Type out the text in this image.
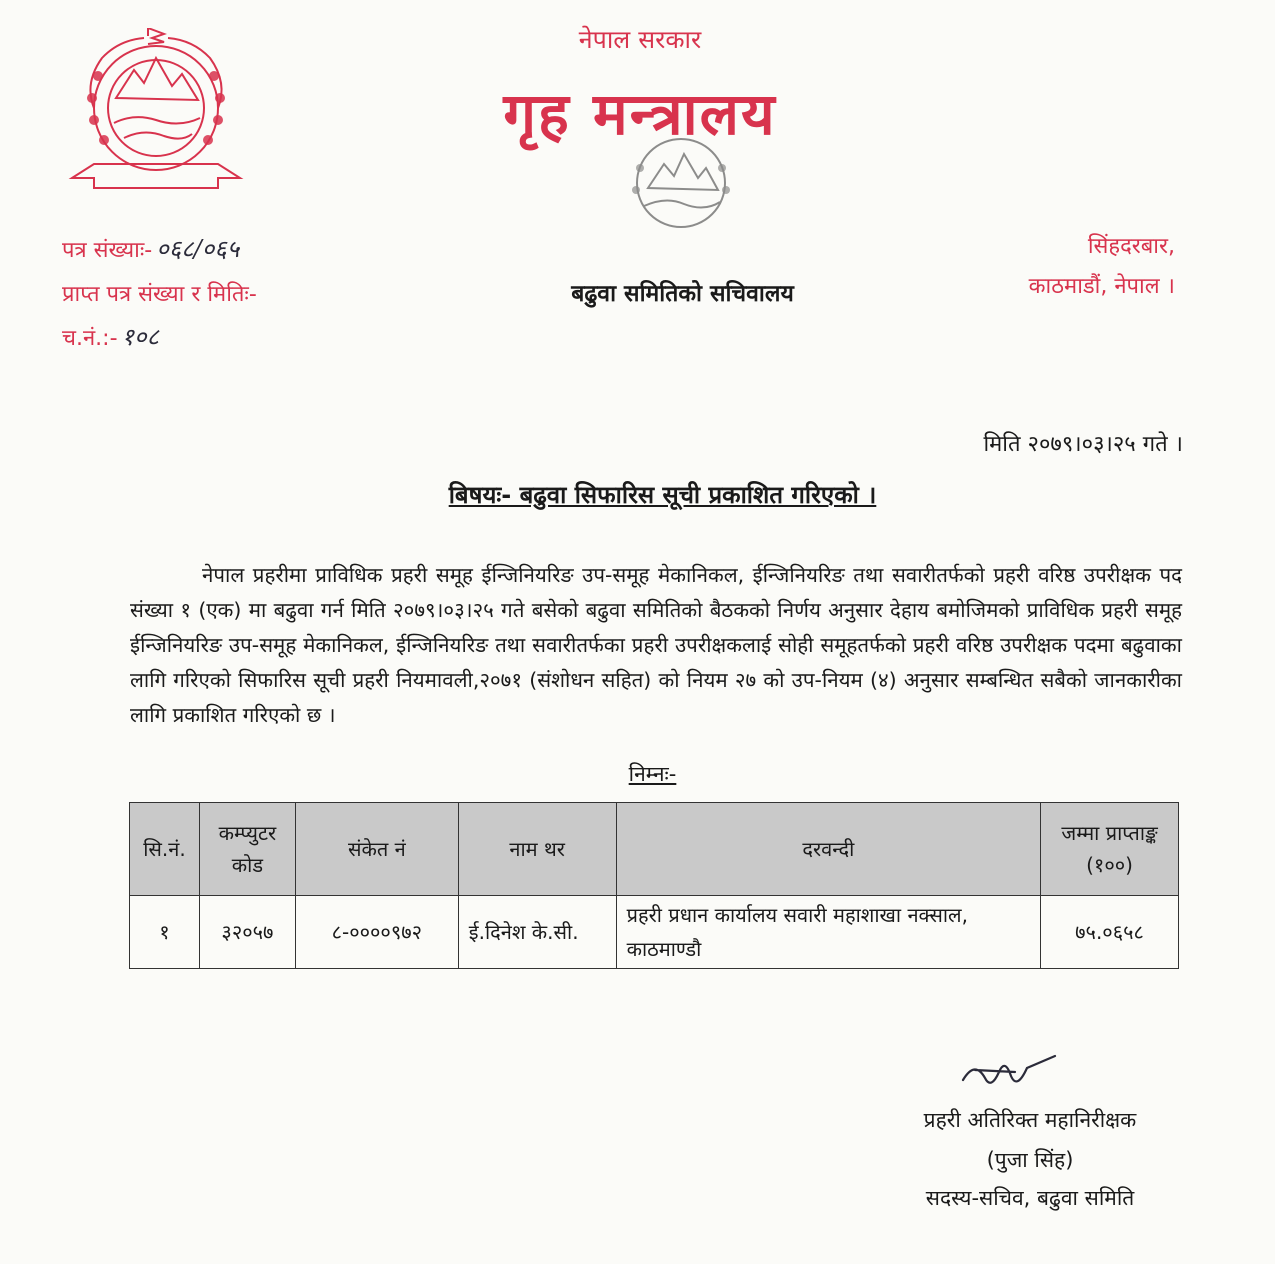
नेपाल सरकार
गृह मन्त्रालय
बढुवा समितिको सचिवालय
पत्र संख्याः- ०६८/०६५
प्राप्त पत्र संख्या र मितिः-
च.नं.:- १०८
सिंहदरबार,
काठमाडौं, नेपाल ।
मिति २०७९।०३।२५ गते ।
बिषयः- बढुवा सिफारिस सूची प्रकाशित गरिएको ।

नेपाल प्रहरीमा प्राविधिक प्रहरी समूह ईन्जिनियरिङ उप-समूह मेकानिकल, ईन्जिनियरिङ तथा सवारीतर्फको प्रहरी वरिष्ठ उपरीक्षक पद संख्या १ (एक) मा बढुवा गर्न मिति २०७९।०३।२५ गते बसेको बढुवा समितिको बैठकको निर्णय अनुसार देहाय बमोजिमको प्राविधिक प्रहरी समूह ईन्जिनियरिङ उप-समूह मेकानिकल, ईन्जिनियरिङ तथा सवारीतर्फका प्रहरी उपरीक्षकलाई सोही समूहतर्फको प्रहरी वरिष्ठ उपरीक्षक पदमा बढुवाका लागि गरिएको सिफारिस सूची प्रहरी नियमावली,२०७१ (संशोधन सहित) को नियम २७ को उप-नियम (४) अनुसार सम्बन्धित सबैको जानकारीका लागि प्रकाशित गरिएको छ ।

निम्नः-
सि.नं.	कम्प्युटर कोड	संकेत नं	नाम थर	दरवन्दी	जम्मा प्राप्ताङ्क (१००)
१	३२०५७	८-००००९७२	ई.दिनेश के.सी.	प्रहरी प्रधान कार्यालय सवारी महाशाखा नक्साल, काठमाण्डौ	७५.०६५८
प्रहरी अतिरिक्त महानिरीक्षक
(पुजा सिंह)
सदस्य-सचिव, बढुवा समिति
